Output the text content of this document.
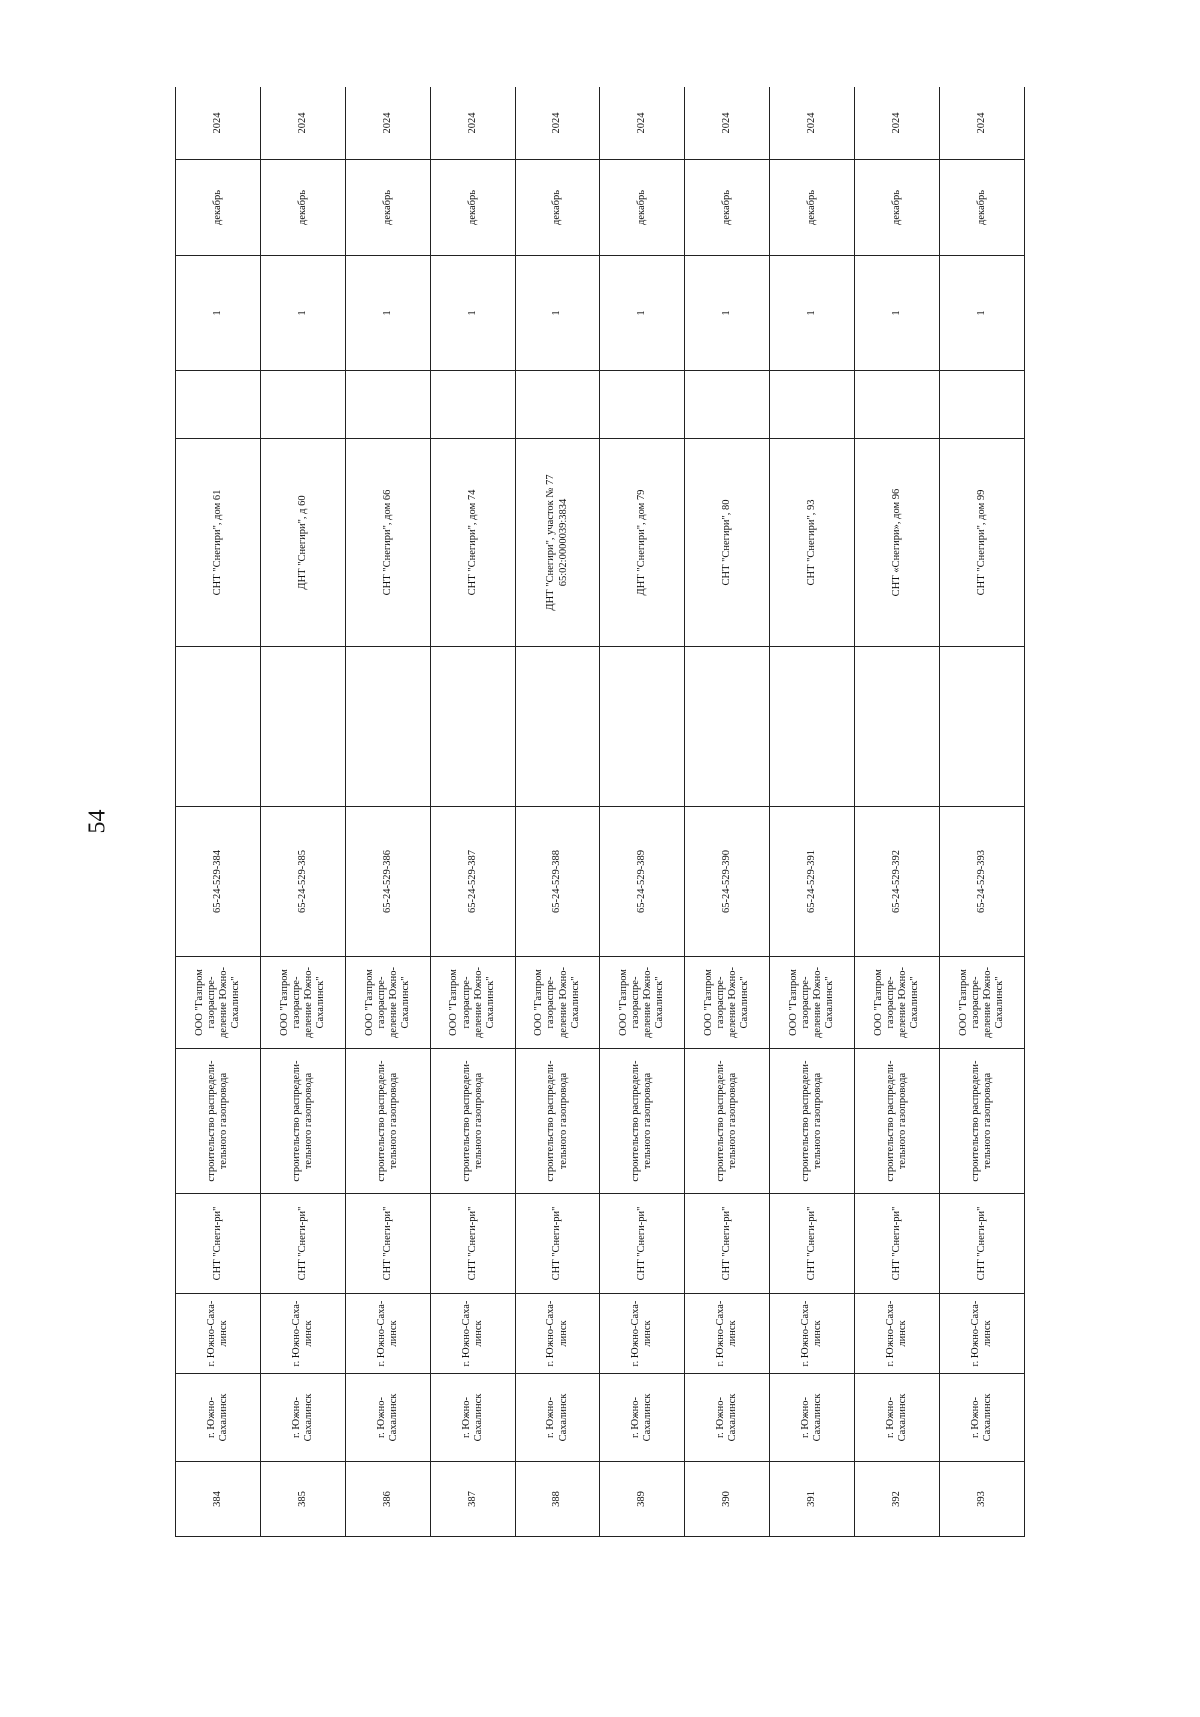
54
384	г. Южно-Сахалинск	г. Южно-Саха-линск	СНТ "Снеги-ри"	строительство распредели-тельного газопровода	ООО "Газпром газораспре-деление Южно-Сахалинск"	65-24-529-384		СНТ "Снегири", дом 61		1	декабрь	2024
385	г. Южно-Сахалинск	г. Южно-Саха-линск	СНТ "Снеги-ри"	строительство распредели-тельного газопровода	ООО "Газпром газораспре-деление Южно-Сахалинск"	65-24-529-385		ДНТ "Снегири", д 60		1	декабрь	2024
386	г. Южно-Сахалинск	г. Южно-Саха-линск	СНТ "Снеги-ри"	строительство распредели-тельного газопровода	ООО "Газпром газораспре-деление Южно-Сахалинск"	65-24-529-386		СНТ "Снегири", дом 66		1	декабрь	2024
387	г. Южно-Сахалинск	г. Южно-Саха-линск	СНТ "Снеги-ри"	строительство распредели-тельного газопровода	ООО "Газпром газораспре-деление Южно-Сахалинск"	65-24-529-387		СНТ "Снегири", дом 74		1	декабрь	2024
388	г. Южно-Сахалинск	г. Южно-Саха-линск	СНТ "Снеги-ри"	строительство распредели-тельного газопровода	ООО "Газпром газораспре-деление Южно-Сахалинск"	65-24-529-388		ДНТ "Снегири", участок № 77 65:02:0000039:3834		1	декабрь	2024
389	г. Южно-Сахалинск	г. Южно-Саха-линск	СНТ "Снеги-ри"	строительство распредели-тельного газопровода	ООО "Газпром газораспре-деление Южно-Сахалинск"	65-24-529-389		ДНТ "Снегири", дом 79		1	декабрь	2024
390	г. Южно-Сахалинск	г. Южно-Саха-линск	СНТ "Снеги-ри"	строительство распредели-тельного газопровода	ООО "Газпром газораспре-деление Южно-Сахалинск"	65-24-529-390		СНТ "Снегири", 80		1	декабрь	2024
391	г. Южно-Сахалинск	г. Южно-Саха-линск	СНТ "Снеги-ри"	строительство распредели-тельного газопровода	ООО "Газпром газораспре-деление Южно-Сахалинск"	65-24-529-391		СНТ "Снегири", 93		1	декабрь	2024
392	г. Южно-Сахалинск	г. Южно-Саха-линск	СНТ "Снеги-ри"	строительство распредели-тельного газопровода	ООО "Газпром газораспре-деление Южно-Сахалинск"	65-24-529-392		СНТ «Снегири», дом 96		1	декабрь	2024
393	г. Южно-Сахалинск	г. Южно-Саха-линск	СНТ "Снеги-ри"	строительство распредели-тельного газопровода	ООО "Газпром газораспре-деление Южно-Сахалинск"	65-24-529-393		СНТ "Снегири", дом 99		1	декабрь	2024
